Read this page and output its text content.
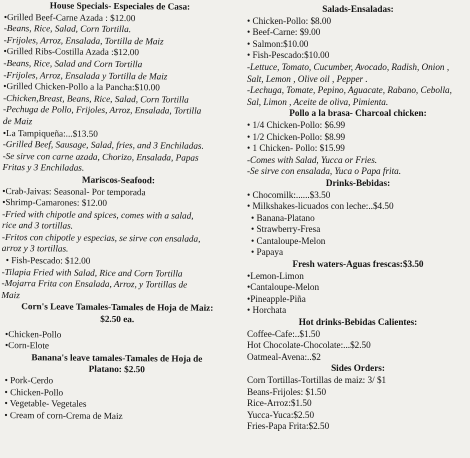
House Specials- Especiales de Casa:
•Grilled Beef-Carne Azada : $12.00
-Beans, Rice, Salad, Corn Tortilla.
-Frijoles, Arroz, Ensalada, Tortilla de Maiz
•Grilled Ribs-Costilla Azada :$12.00
-Beans, Rice, Salad and Corn Tortilla
-Frijoles, Arroz, Ensalada y Tortilla de Maiz
•Grilled Chicken-Pollo a la Pancha:$10.00
-Chicken,Breast, Beans, Rice, Salad, Corn Tortilla
-Pechuga de Pollo, Frijoles, Arroz, Ensalada, Tortilla
de Maiz
•La Tampiqueña:...$13.50
-Grilled Beef, Sausage, Salad, fries, and 3 Enchiladas.
-Se sirve con carne azada, Chorizo, Ensalada, Papas
Fritas y 3 Enchiladas.
Mariscos-Seafood:
•Crab-Jaivas: Seasonal- Por temporada
•Shrimp-Camarones: $12.00
-Fried with chipotle and spices, comes with a salad,
rice and 3 tortillas.
-Fritos con chipotle y especias, se sirve con ensalada,
arroz y 3 tortillas.
• Fish-Pescado: $12.00
-Tilapia Fried with Salad, Rice and Corn Tortilla
-Mojarra Frita con Ensalada, Arroz, y Tortillas de
Maiz
Corn's Leave Tamales-Tamales de Hoja de Maiz:
$2.50 ea.
•Chicken-Pollo
•Corn-Elote
Banana's leave tamales-Tamales de Hoja de
Platano: $2.50
• Pork-Cerdo
• Chicken-Pollo
• Vegetable- Vegetales
• Cream of corn-Crema de Maiz
Salads-Ensaladas:
• Chicken-Pollo: $8.00
• Beef-Carne: $9.00
• Salmon:$10.00
• Fish-Pescado:$10.00
-Lettuce, Tomato, Cucumber, Avocado, Radish, Onion ,
Salt, Lemon , Olive oil , Pepper .
-Lechuga, Tomate, Pepino, Aguacate, Rabano, Cebolla,
Sal, Limon , Aceite de oliva, Pimienta.
Pollo a la brasa- Charcoal chicken:
• 1/4 Chicken-Pollo: $6.99
• 1/2 Chicken-Pollo: $8.99
• 1 Chicken- Pollo: $15.99
-Comes with Salad, Yucca or Fries.
-Se sirve con ensalada, Yuca o Papa frita.
Drinks-Bebidas:
• Chocomilk:......$3.50
• Milkshakes-licuados con leche:..$4.50
• Banana-Platano
• Strawberry-Fresa
• Cantaloupe-Melon
• Papaya
Fresh waters-Aguas frescas:$3.50
•Lemon-Limon
•Cantaloupe-Melon
•Pineapple-Piña
• Horchata
Hot drinks-Bebidas Calientes:
Coffee-Cafe:..$1.50
Hot Chocolate-Chocolate:...$2.50
Oatmeal-Avena:..$2
Sides Orders:
Corn Tortillas-Tortillas de maiz: 3/ $1
Beans-Frijoles: $1.50
Rice-Arroz:$1.50
Yucca-Yuca:$2.50
Fries-Papa Frita:$2.50
